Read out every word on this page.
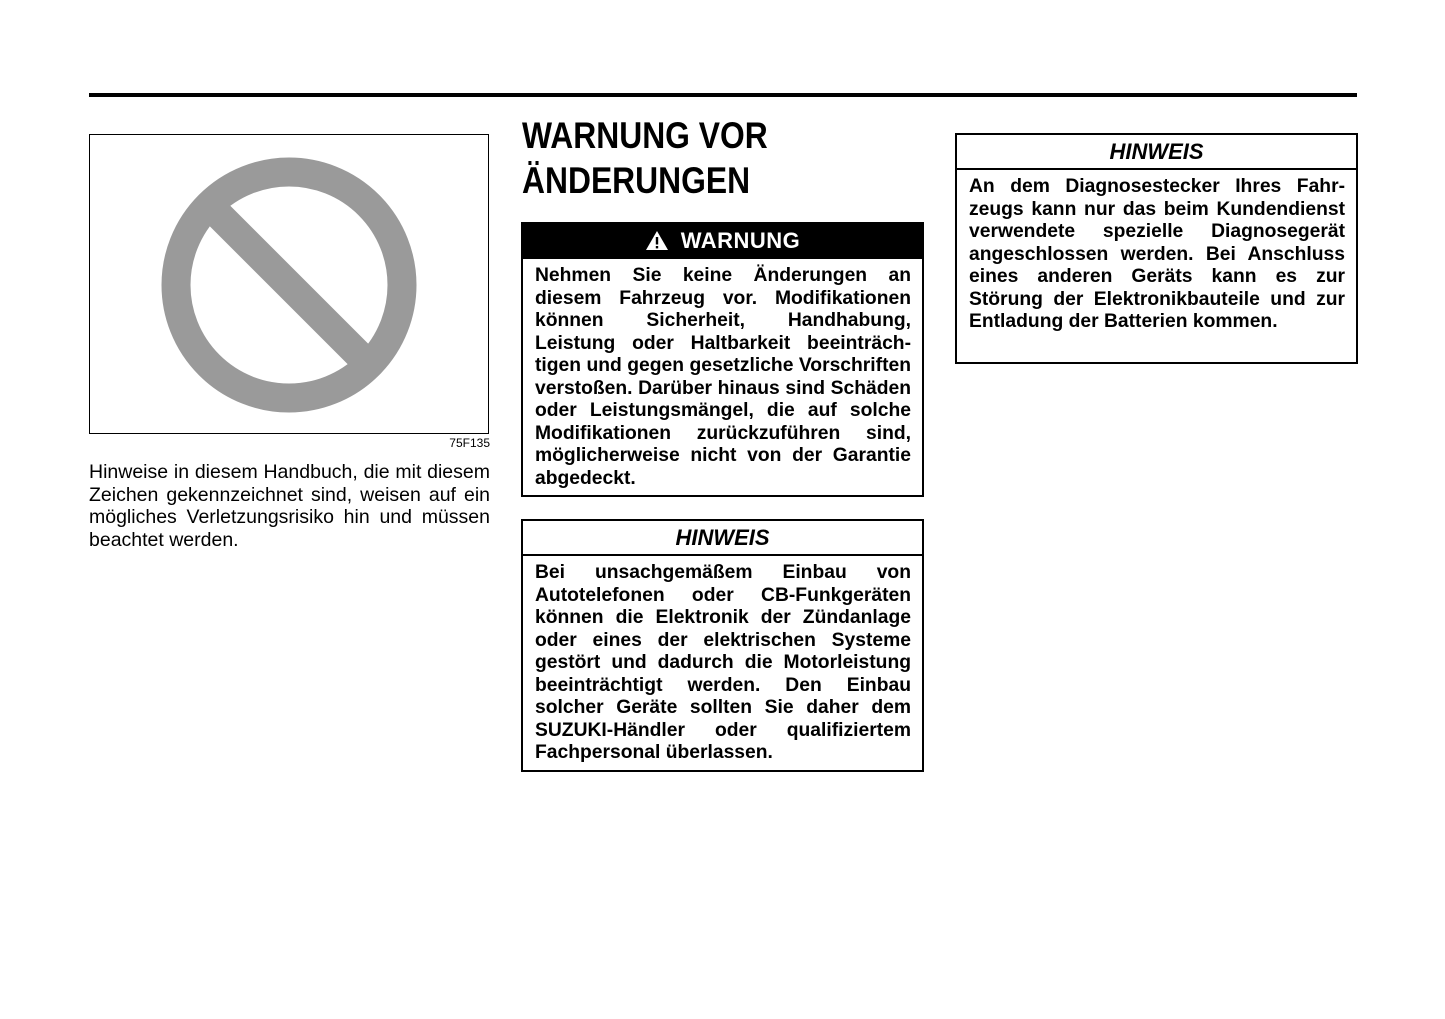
75F135
Hinweise in diesem Handbuch, die mit diesem Zeichen gekennzeichnet sind, weisen auf ein mögliches Verletzungsrisiko hin und müssen beachtet werden.
WARNUNG VOR
ÄNDERUNGEN
WARNUNG
Nehmen Sie keine Änderungen an diesem Fahrzeug vor. Modifikationen können Sicherheit, Handhabung, Leistung oder Haltbarkeit beeinträchtigen und gegen gesetzliche Vorschriften verstoßen. Darüber hinaus sind Schäden oder Leistungsmängel, die auf solche Modifikationen zurückzuführen sind, möglicherweise nicht von der Garantie abgedeckt.
HINWEIS
Bei unsachgemäßem Einbau von Autotelefonen oder CB-Funkgeräten können die Elektronik der Zündanlage oder eines der elektrischen Systeme gestört und dadurch die Motorleistung beeinträchtigt werden. Den Einbau solcher Geräte sollten Sie daher dem SUZUKI-Händler oder qualifiziertem Fachpersonal überlassen.
HINWEIS
An dem Diagnosestecker Ihres Fahrzeugs kann nur das beim Kundendienst verwendete spezielle Diagnosegerät angeschlossen werden. Bei Anschluss eines anderen Geräts kann es zur Störung der Elektronikbauteile und zur Entladung der Batterien kommen.
